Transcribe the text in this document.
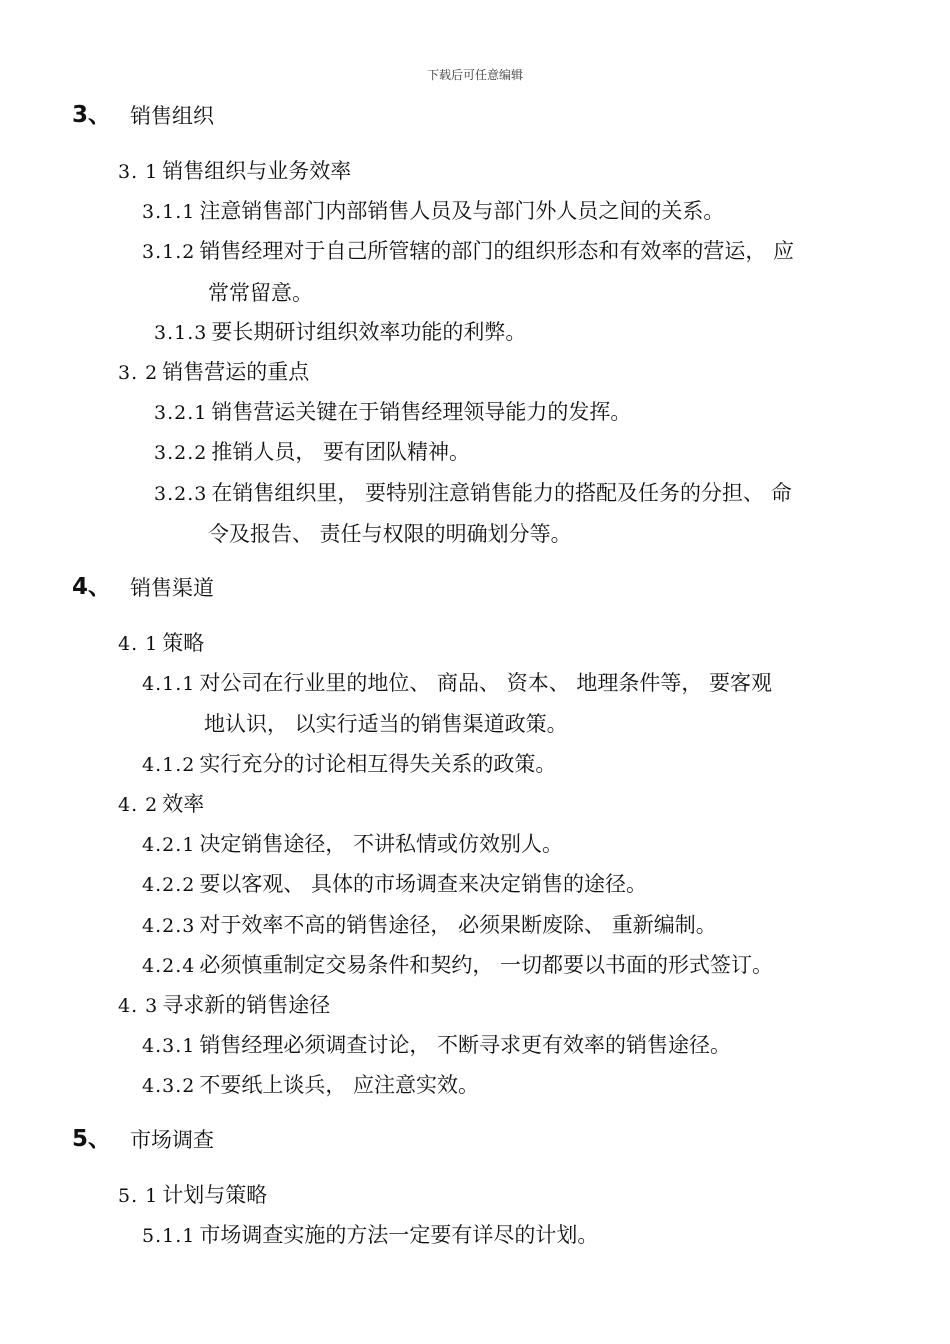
下载后可任意编辑
3、 销售组织
3. 1 销售组织与业务效率
3.1.1 注意销售部门内部销售人员及与部门外人员之间的关系。
3.1.2 销售经理对于自己所管辖的部门的组织形态和有效率的营运， 应
常常留意。
3.1.3 要长期研讨组织效率功能的利弊。
3. 2 销售营运的重点
3.2.1 销售营运关键在于销售经理领导能力的发挥。
3.2.2 推销人员， 要有团队精神。
3.2.3 在销售组织里， 要特别注意销售能力的搭配及任务的分担、 命
令及报告、 责任与权限的明确划分等。
4、 销售渠道
4. 1 策略
4.1.1 对公司在行业里的地位、 商品、 资本、 地理条件等， 要客观
地认识， 以实行适当的销售渠道政策。
4.1.2 实行充分的讨论相互得失关系的政策。
4. 2 效率
4.2.1 决定销售途径， 不讲私情或仿效别人。
4.2.2 要以客观、 具体的市场调查来决定销售的途径。
4.2.3 对于效率不高的销售途径， 必须果断废除、 重新编制。
4.2.4 必须慎重制定交易条件和契约， 一切都要以书面的形式签订。
4. 3 寻求新的销售途径
4.3.1 销售经理必须调查讨论， 不断寻求更有效率的销售途径。
4.3.2 不要纸上谈兵， 应注意实效。
5、 市场调查
5. 1 计划与策略
5.1.1 市场调查实施的方法一定要有详尽的计划。
